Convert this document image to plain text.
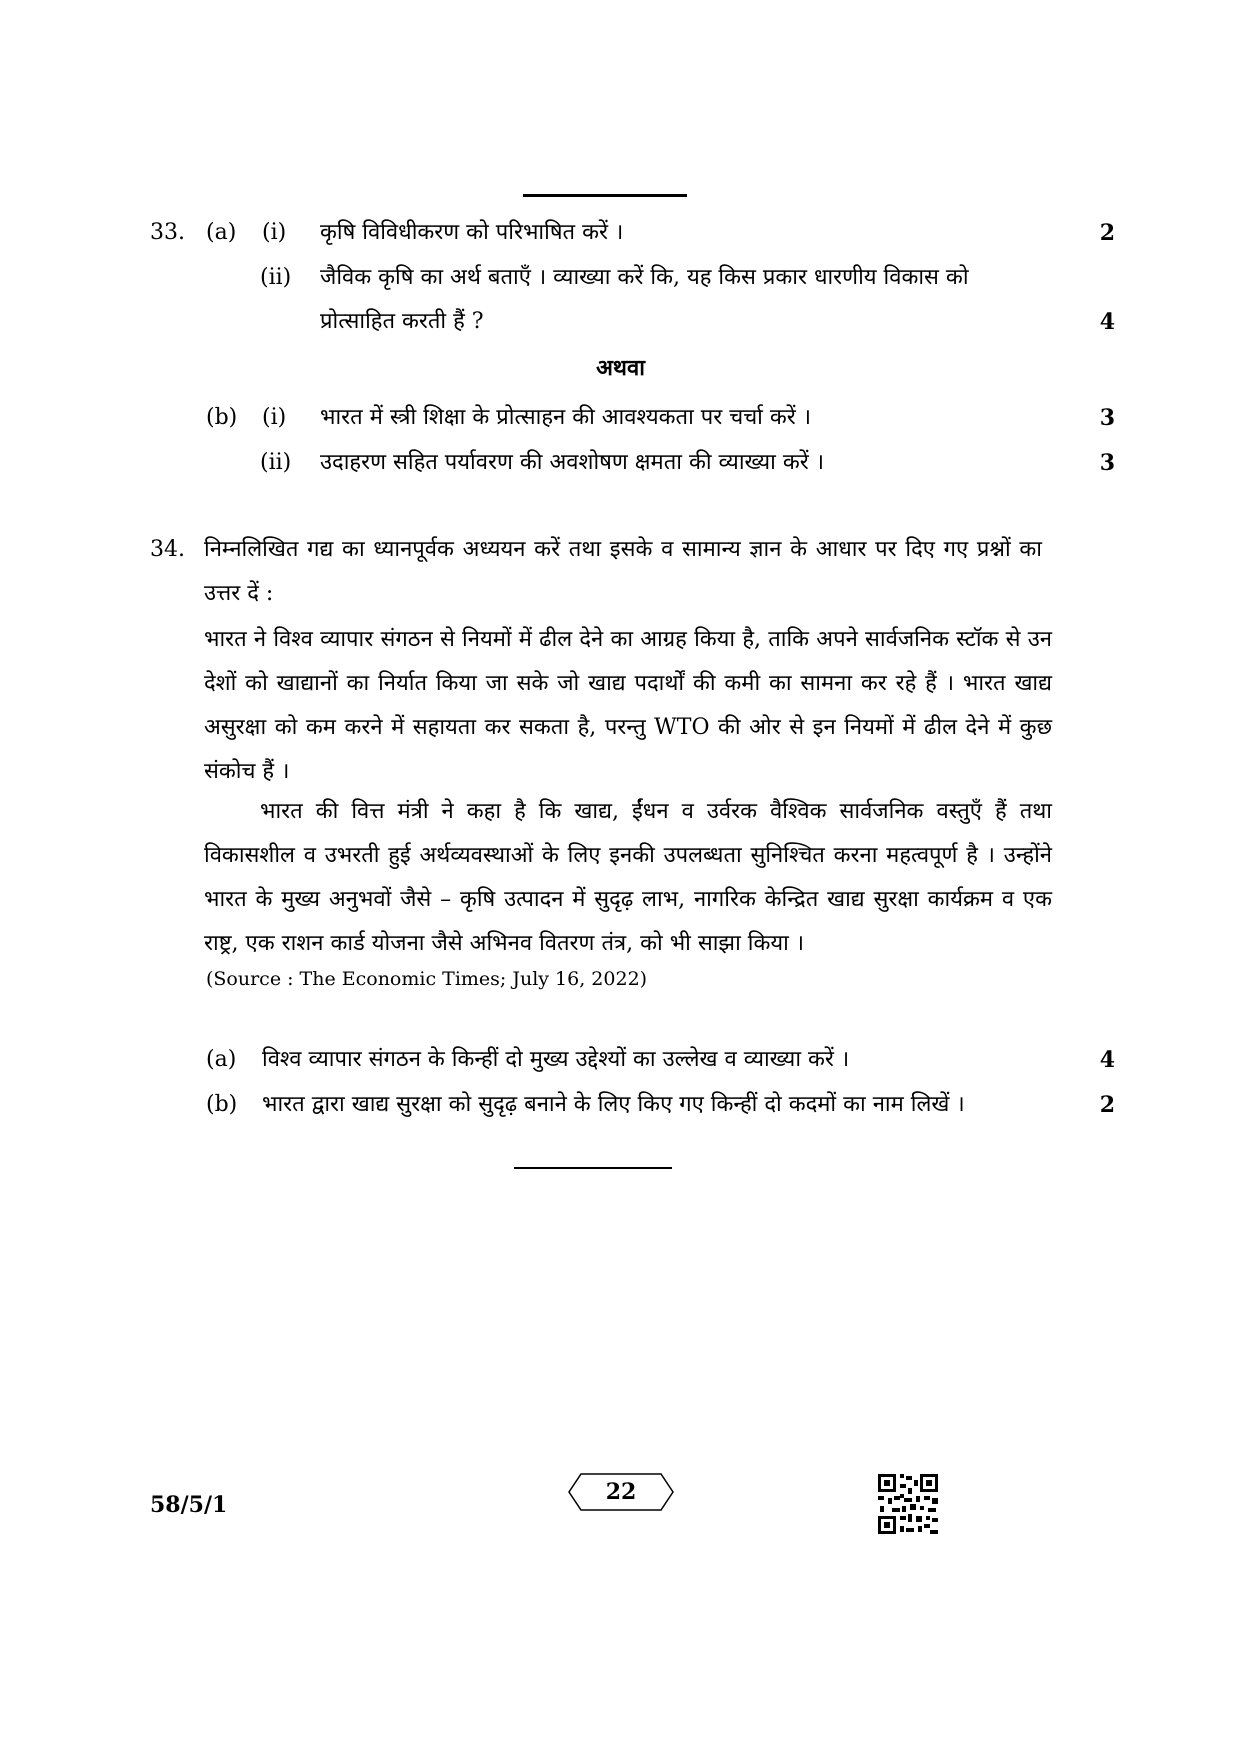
33. (a) (i) कृषि विविधीकरण को परिभाषित करें ।	2
(ii) जैविक कृषि का अर्थ बताएँ । व्याख्या करें कि, यह किस प्रकार धारणीय विकास को
प्रोत्साहित करती हैं ?	4
अथवा
(b) (i) भारत में स्त्री शिक्षा के प्रोत्साहन की आवश्यकता पर चर्चा करें ।	3
(ii) उदाहरण सहित पर्यावरण की अवशोषण क्षमता की व्याख्या करें ।	3
34. निम्नलिखित गद्य का ध्यानपूर्वक अध्ययन करें तथा इसके व सामान्य ज्ञान के आधार पर दिए गए प्रश्नों का उत्तर दें :
भारत ने विश्व व्यापार संगठन से नियमों में ढील देने का आग्रह किया है, ताकि अपने सार्वजनिक स्टॉक से उन देशों को खाद्यानों का निर्यात किया जा सके जो खाद्य पदार्थों की कमी का सामना कर रहे हैं । भारत खाद्य असुरक्षा को कम करने में सहायता कर सकता है, परन्तु WTO की ओर से इन नियमों में ढील देने में कुछ संकोच हैं ।
भारत की वित्त मंत्री ने कहा है कि खाद्य, ईंधन व उर्वरक वैश्विक सार्वजनिक वस्तुएँ हैं तथा विकासशील व उभरती हुई अर्थव्यवस्थाओं के लिए इनकी उपलब्धता सुनिश्चित करना महत्वपूर्ण है । उन्होंने भारत के मुख्य अनुभवों जैसे – कृषि उत्पादन में सुदृढ़ लाभ, नागरिक केन्द्रित खाद्य सुरक्षा कार्यक्रम व एक राष्ट्र, एक राशन कार्ड योजना जैसे अभिनव वितरण तंत्र, को भी साझा किया ।
(Source : The Economic Times; July 16, 2022)
(a) विश्व व्यापार संगठन के किन्हीं दो मुख्य उद्देश्यों का उल्लेख व व्याख्या करें ।	4
(b) भारत द्वारा खाद्य सुरक्षा को सुदृढ़ बनाने के लिए किए गए किन्हीं दो कदमों का नाम लिखें ।	2
58/5/1	22
